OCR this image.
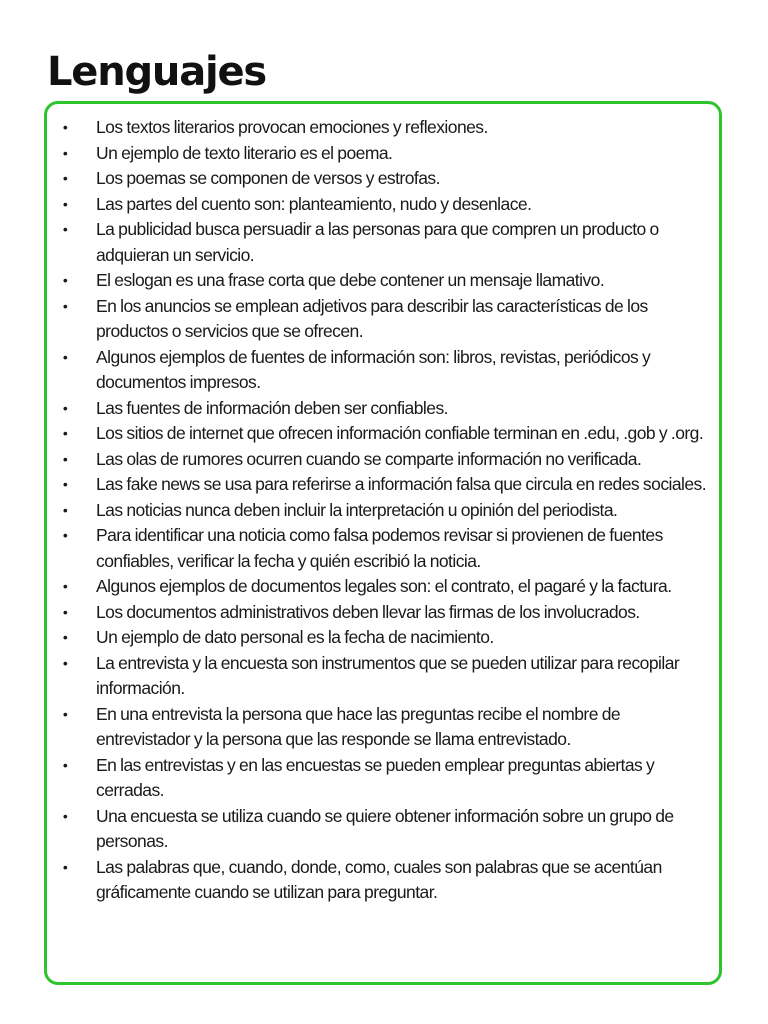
Lenguajes
• Los textos literarios provocan emociones y reflexiones.
• Un ejemplo de texto literario es el poema.
• Los poemas se componen de versos y estrofas.
• Las partes del cuento son: planteamiento, nudo y desenlace.
• La publicidad busca persuadir a las personas para que compren un producto o adquieran un servicio.
• El eslogan es una frase corta que debe contener un mensaje llamativo.
• En los anuncios se emplean adjetivos para describir las características de los productos o servicios que se ofrecen.
• Algunos ejemplos de fuentes de información son: libros, revistas, periódicos y documentos impresos.
• Las fuentes de información deben ser confiables.
• Los sitios de internet que ofrecen información confiable terminan en .edu, .gob y .org.
• Las olas de rumores ocurren cuando se comparte información no verificada.
• Las fake news se usa para referirse a información falsa que circula en redes sociales.
• Las noticias nunca deben incluir la interpretación u opinión del periodista.
• Para identificar una noticia como falsa podemos revisar si provienen de fuentes confiables, verificar la fecha y quién escribió la noticia.
• Algunos ejemplos de documentos legales son: el contrato, el pagaré y la factura.
• Los documentos administrativos deben llevar las firmas de los involucrados.
• Un ejemplo de dato personal es la fecha de nacimiento.
• La entrevista y la encuesta son instrumentos que se pueden utilizar para recopilar información.
• En una entrevista la persona que hace las preguntas recibe el nombre de entrevistador y la persona que las responde se llama entrevistado.
• En las entrevistas y en las encuestas se pueden emplear preguntas abiertas y cerradas.
• Una encuesta se utiliza cuando se quiere obtener información sobre un grupo de personas.
• Las palabras que, cuando, donde, como, cuales son palabras que se acentúan gráficamente cuando se utilizan para preguntar.
